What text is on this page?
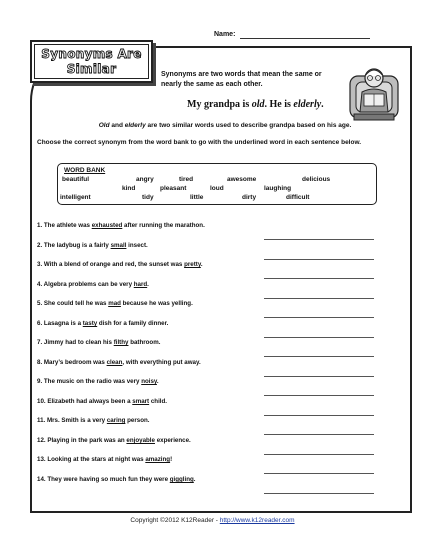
Name:
Synonyms Are
Similar	Synonyms are two words that mean the same or nearly the same as each other.
My grandpa is old. He is elderly.
Old and elderly are two similar words used to describe grandpa based on his age.
Choose the correct synonym from the word bank to go with the underlined word in each sentence below.
WORD BANK
beautiful	angry	tired	awesome	delicious
kind	pleasant	loud	laughing
intelligent	tidy	little	dirty	difficult
1. The athlete was exhausted after running the marathon.
2. The ladybug is a fairly small insect.
3. With a blend of orange and red, the sunset was pretty.
4. Algebra problems can be very hard.
5. She could tell he was mad because he was yelling.
6. Lasagna is a tasty dish for a family dinner.
7. Jimmy had to clean his filthy bathroom.
8. Mary’s bedroom was clean, with everything put away.
9. The music on the radio was very noisy.
10. Elizabeth had always been a smart child.
11. Mrs. Smith is a very caring person.
12. Playing in the park was an enjoyable experience.
13. Looking at the stars at night was amazing!
14. They were having so much fun they were giggling.
Copyright ©2012 K12Reader - http://www.k12reader.com
